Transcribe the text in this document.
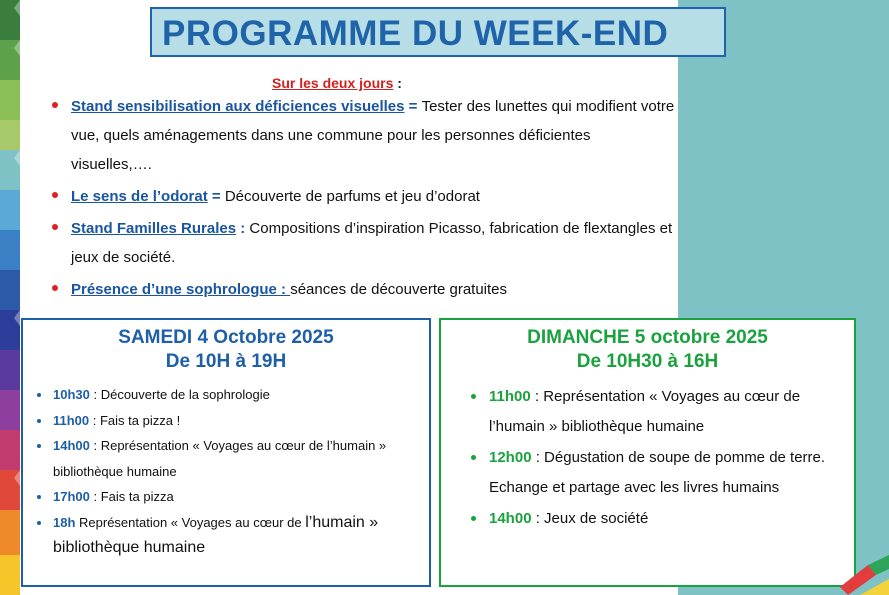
PROGRAMME DU WEEK-END
Sur les deux jours :
Stand sensibilisation aux déficiences visuelles = Tester des lunettes qui modifient votre vue, quels aménagements dans une commune pour les personnes déficientes visuelles,….
Le sens de l’odorat = Découverte de parfums et jeu d’odorat
Stand Familles Rurales : Compositions d’inspiration Picasso, fabrication de flextangles et jeux de société.
Présence d’une sophrologue : séances de découverte gratuites
SAMEDI 4 Octobre 2025
De 10H à 19H
10h30 : Découverte de la sophrologie
11h00 : Fais ta pizza !
14h00 : Représentation « Voyages au cœur de l’humain » bibliothèque humaine
17h00 : Fais ta pizza
18h Représentation « Voyages au cœur de l’humain » bibliothèque humaine
DIMANCHE 5 octobre 2025
De 10H30 à 16H
11h00 : Représentation « Voyages au cœur de l’humain » bibliothèque humaine
12h00 : Dégustation de soupe de pomme de terre. Echange et partage avec les livres humains
14h00 : Jeux de société
